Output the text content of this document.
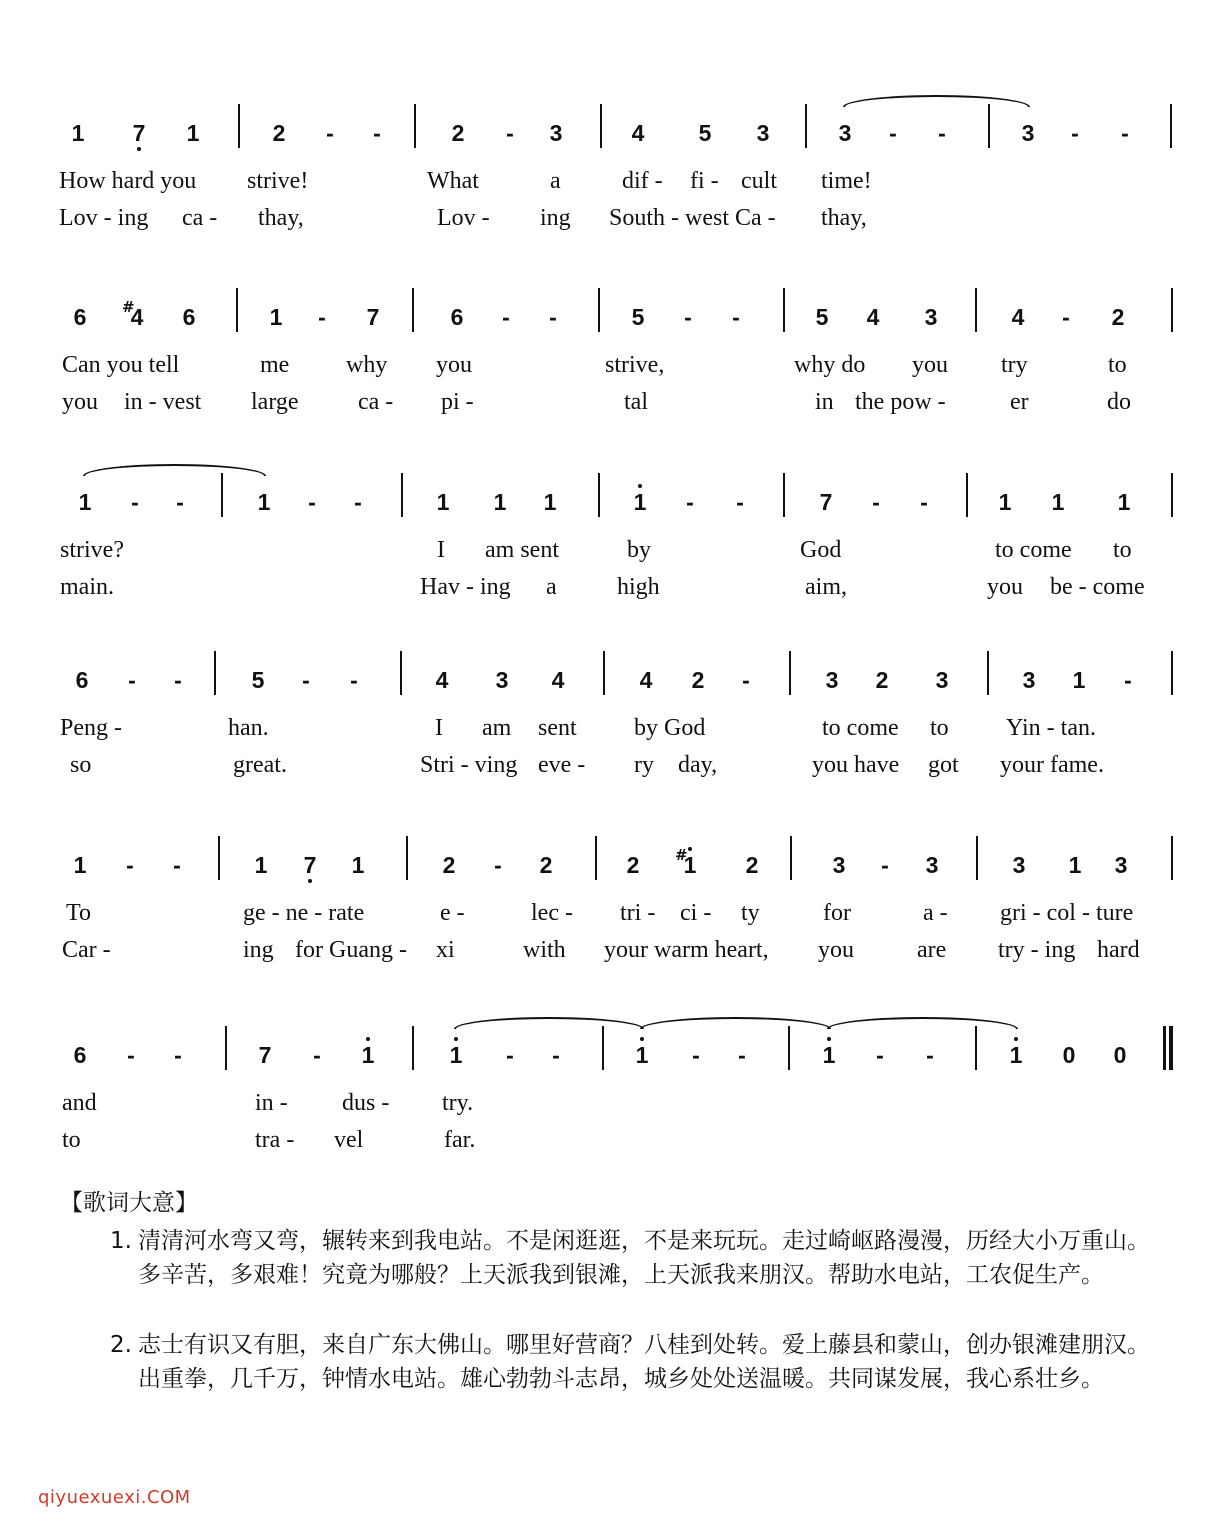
1	7	1	2	-	-	2	-	3	4	5	3	3	-	-	3	-	-
How hard you strive!	What	a	dif - fi - cult time!
Lov - ing ca - thay,	Lov - ing South - west Ca - thay,
6	4	6	1	-	7	6	-	-	5	-	-	5	4	3	4	-	2
Can you tell	me why you	strive,	why do you try	to
you in - vest large ca - pi -	tal	in the pow -	er	do
1	-	-	1	-	-	1	1	1	1	-	-	7	-	-	1	1	1
strive?	I am sent	by	God	to come to
main.	Hav - ing a	high	aim,	you be - come
6	-	-	5	-	-	4	3	4	4	2	-	3	2	3	3	1	-
Peng -	han.	I am sent by God	to come to Yin - tan.
so	great.	Stri - ving eve - ry day,	you have got your fame.
1	-	-	1	7	1	2	-	2	2	1	2	3	-	3	3	1	3
To	ge - ne - rate	e -	lec - tri - ci - ty	for	a - gri - col - ture
Car -	ing for Guang - xi	with your warm heart, you	are try - ing hard
6	-	-	7	-	1	1	-	-	1	-	-	1	-	-	1	0	0
and	in - dus - try.
to	tra - vel	far.
#
#
【歌词大意】
1. 清清河水弯又弯，辗转来到我电站。不是闲逛逛，不是来玩玩。走过崎岖路漫漫，历经大小万重山。多辛苦，多艰难！究竟为哪般？上天派我到银滩，上天派我来朋汉。帮助水电站，工农促生产。
2. 志士有识又有胆，来自广东大佛山。哪里好营商？八桂到处转。爱上藤县和蒙山，创办银滩建朋汉。出重拳，几千万，钟情水电站。雄心勃勃斗志昂，城乡处处送温暖。共同谋发展，我心系壮乡。
qiyuexuexi.COM
